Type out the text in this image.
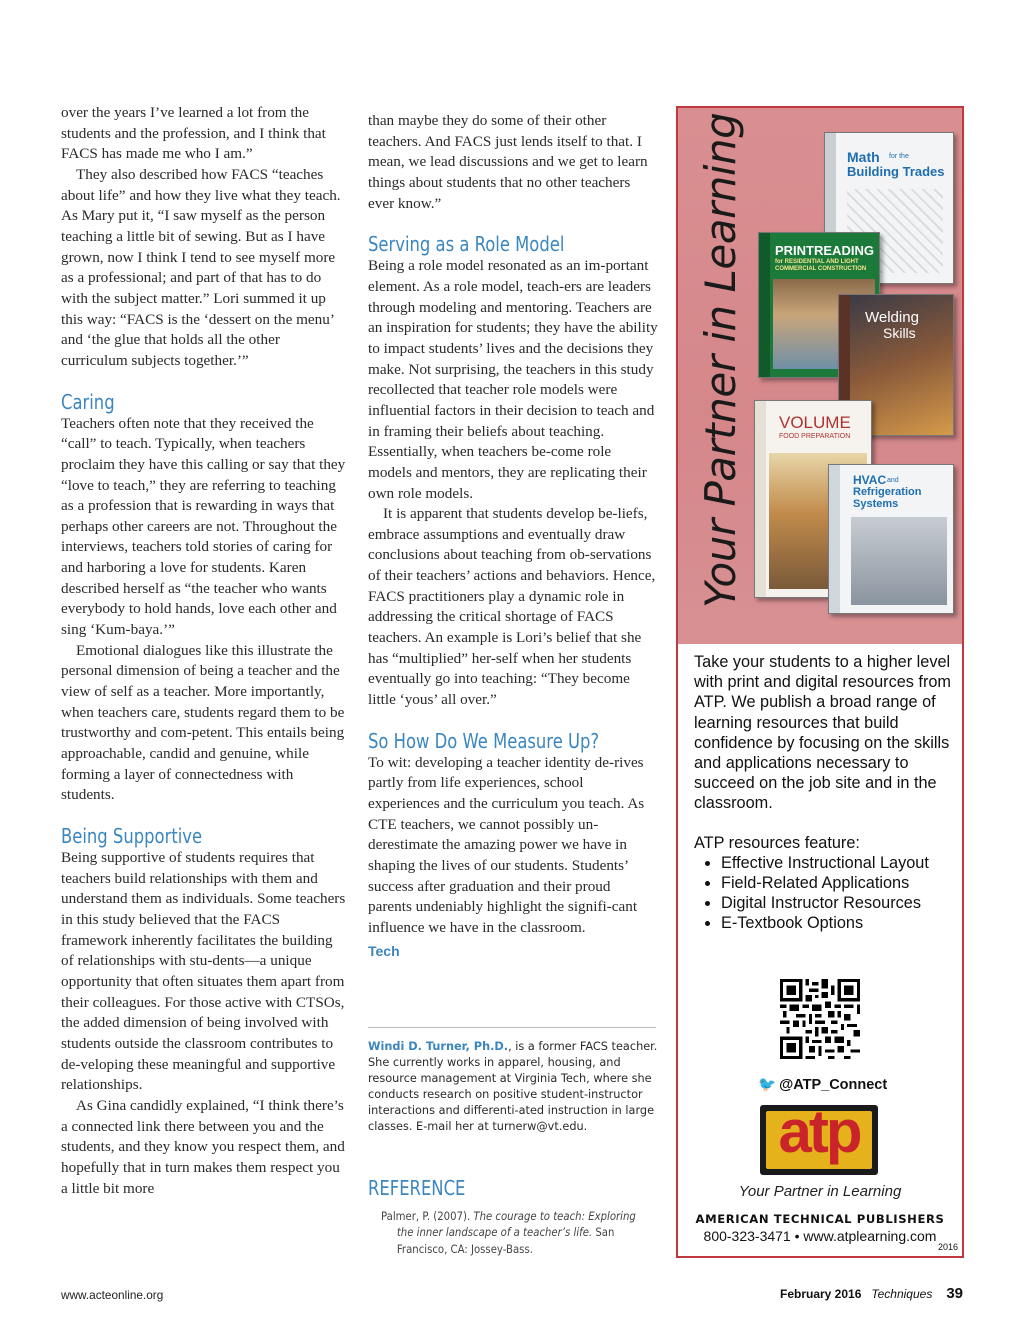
over the years I’ve learned a lot from the students and the profession, and I think that FACS has made me who I am.”

They also described how FACS “teaches about life” and how they live what they teach. As Mary put it, “I saw myself as the person teaching a little bit of sewing. But as I have grown, now I think I tend to see myself more as a professional; and part of that has to do with the subject matter.” Lori summed it up this way: “FACS is the ‘dessert on the menu’ and ‘the glue that holds all the other curriculum subjects together.’”

Caring

Teachers often note that they received the “call” to teach. Typically, when teachers proclaim they have this calling or say that they “love to teach,” they are referring to teaching as a profession that is rewarding in ways that perhaps other careers are not. Throughout the interviews, teachers told stories of caring for and harboring a love for students. Karen described herself as “the teacher who wants everybody to hold hands, love each other and sing ‘Kum-baya.’”

Emotional dialogues like this illustrate the personal dimension of being a teacher and the view of self as a teacher. More importantly, when teachers care, students regard them to be trustworthy and com-petent. This entails being approachable, candid and genuine, while forming a layer of connectedness with students.

Being Supportive

Being supportive of students requires that teachers build relationships with them and understand them as individuals. Some teachers in this study believed that the FACS framework inherently facilitates the building of relationships with stu-dents—a unique opportunity that often situates them apart from their colleagues. For those active with CTSOs, the added dimension of being involved with students outside the classroom contributes to de-veloping these meaningful and supportive relationships.

As Gina candidly explained, “I think there’s a connected link there between you and the students, and they know you respect them, and hopefully that in turn makes them respect you a little bit more

than maybe they do some of their other teachers. And FACS just lends itself to that. I mean, we lead discussions and we get to learn things about students that no other teachers ever know.”

Serving as a Role Model

Being a role model resonated as an im-portant element. As a role model, teach-ers are leaders through modeling and mentoring. Teachers are an inspiration for students; they have the ability to impact students’ lives and the decisions they make. Not surprising, the teachers in this study recollected that teacher role models were influential factors in their decision to teach and in framing their beliefs about teaching. Essentially, when teachers be-come role models and mentors, they are replicating their own role models.

It is apparent that students develop be-liefs, embrace assumptions and eventually draw conclusions about teaching from ob-servations of their teachers’ actions and behaviors. Hence, FACS practitioners play a dynamic role in addressing the critical shortage of FACS teachers. An example is Lori’s belief that she has “multiplied” her-self when her students eventually go into teaching: “They become little ‘yous’ all over.”

So How Do We Measure Up?

To wit: developing a teacher identity de-rives partly from life experiences, school experiences and the curriculum you teach. As CTE teachers, we cannot possibly un-derestimate the amazing power we have in shaping the lives of our students. Students’ success after graduation and their proud parents undeniably highlight the signifi-cant influence we have in the classroom.

Tech
Windi D. Turner, Ph.D., is a former FACS teacher. She currently works in apparel, housing, and resource management at Virginia Tech, where she conducts research on positive student-instructor interactions and differenti-ated instruction in large classes. E-mail her at turnerw@vt.edu.
REFERENCE
Palmer, P. (2007). The courage to teach: Exploring the inner landscape of a teacher’s life. San Francisco, CA: Jossey-Bass.
Your Partner in Learning	Math for the
Building Trades
PRINTREADING
for RESIDENTIAL AND LIGHT
COMMERCIAL CONSTRUCTION
Welding
Skills
VOLUME
FOOD PREPARATION
HVAC and
Refrigeration
Systems
Take your students to a higher level with print and digital resources from ATP. We publish a broad range of learning resources that build confidence by focusing on the skills and applications necessary to succeed on the job site and in the classroom.
ATP resources feature:
• Effective Instructional Layout
• Field-Related Applications
• Digital Instructor Resources
• E-Textbook Options
🐦 @ATP_Connect
atp
Your Partner in Learning
AMERICAN TECHNICAL PUBLISHERS
800-323-3471 • www.atplearning.com
2016
www.acteonline.org	February 2016 Techniques 39
